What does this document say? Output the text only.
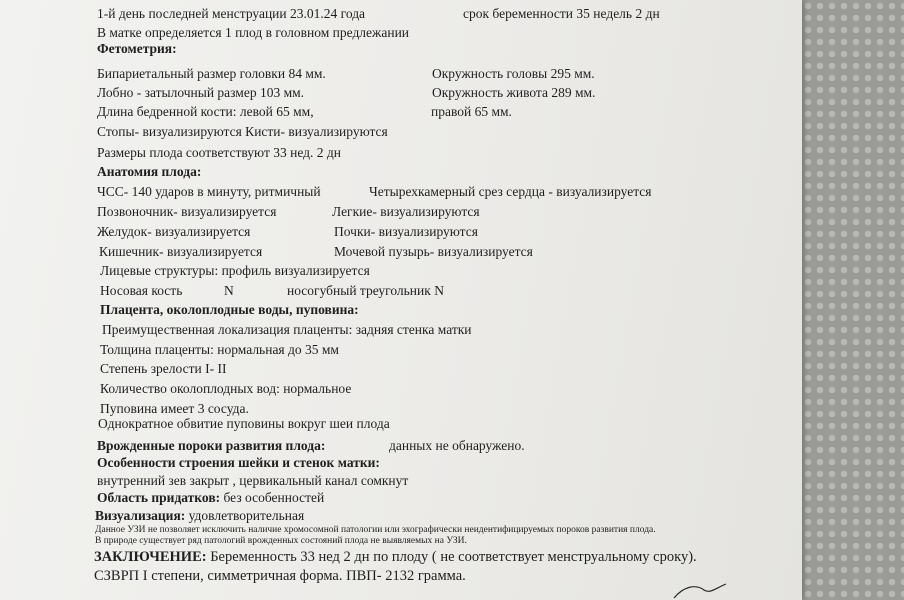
1-й день последней менструации 23.01.24 года	срок беременности 35 недель 2 дн
В матке определяется 1 плод в головном предлежании
Фетометрия:
Бипариетальный размер головки 84 мм.	Окружность головы 295 мм.
Лобно - затылочный размер 103 мм.	Окружность живота 289 мм.
Длина бедренной кости: левой 65 мм,	правой 65 мм.
Стопы- визуализируются Кисти- визуализируются
Размеры плода соответствуют 33 нед. 2 дн
Анатомия плода:
ЧСС- 140 ударов в минуту, ритмичный	Четырехкамерный срез сердца - визуализируется
Позвоночник- визуализируется	Легкие- визуализируются
Желудок- визуализируется	Почки- визуализируются
Кишечник- визуализируется	Мочевой пузырь- визуализируется
Лицевые структуры: профиль визуализируется
Носовая кость	N	носогубный треугольник N
Плацента, околоплодные воды, пуповина:
Преимущественная локализация плаценты: задняя стенка матки
Толщина плаценты: нормальная до 35 мм
Степень зрелости I- II
Количество околоплодных вод: нормальное
Пуповина имеет 3 сосуда.
Однократное обвитие пуповины вокруг шеи плода
Врожденные пороки развития плода:	данных не обнаружено.
Особенности строения шейки и стенок матки:
внутренний зев закрыт , цервикальный канал сомкнут
Область придатков: без особенностей
Визуализация: удовлетворительная
Данное УЗИ не позволяет исключить наличие хромосомной патологии или эхографически неидентифицируемых пороков развития плода.
В природе существует ряд патологий врожденных состояний плода не выявляемых на УЗИ.
ЗАКЛЮЧЕНИЕ: Беременность 33 нед 2 дн по плоду ( не соответствует менструальному сроку).
СЗВРП I степени, симметричная форма. ПВП- 2132 грамма.
